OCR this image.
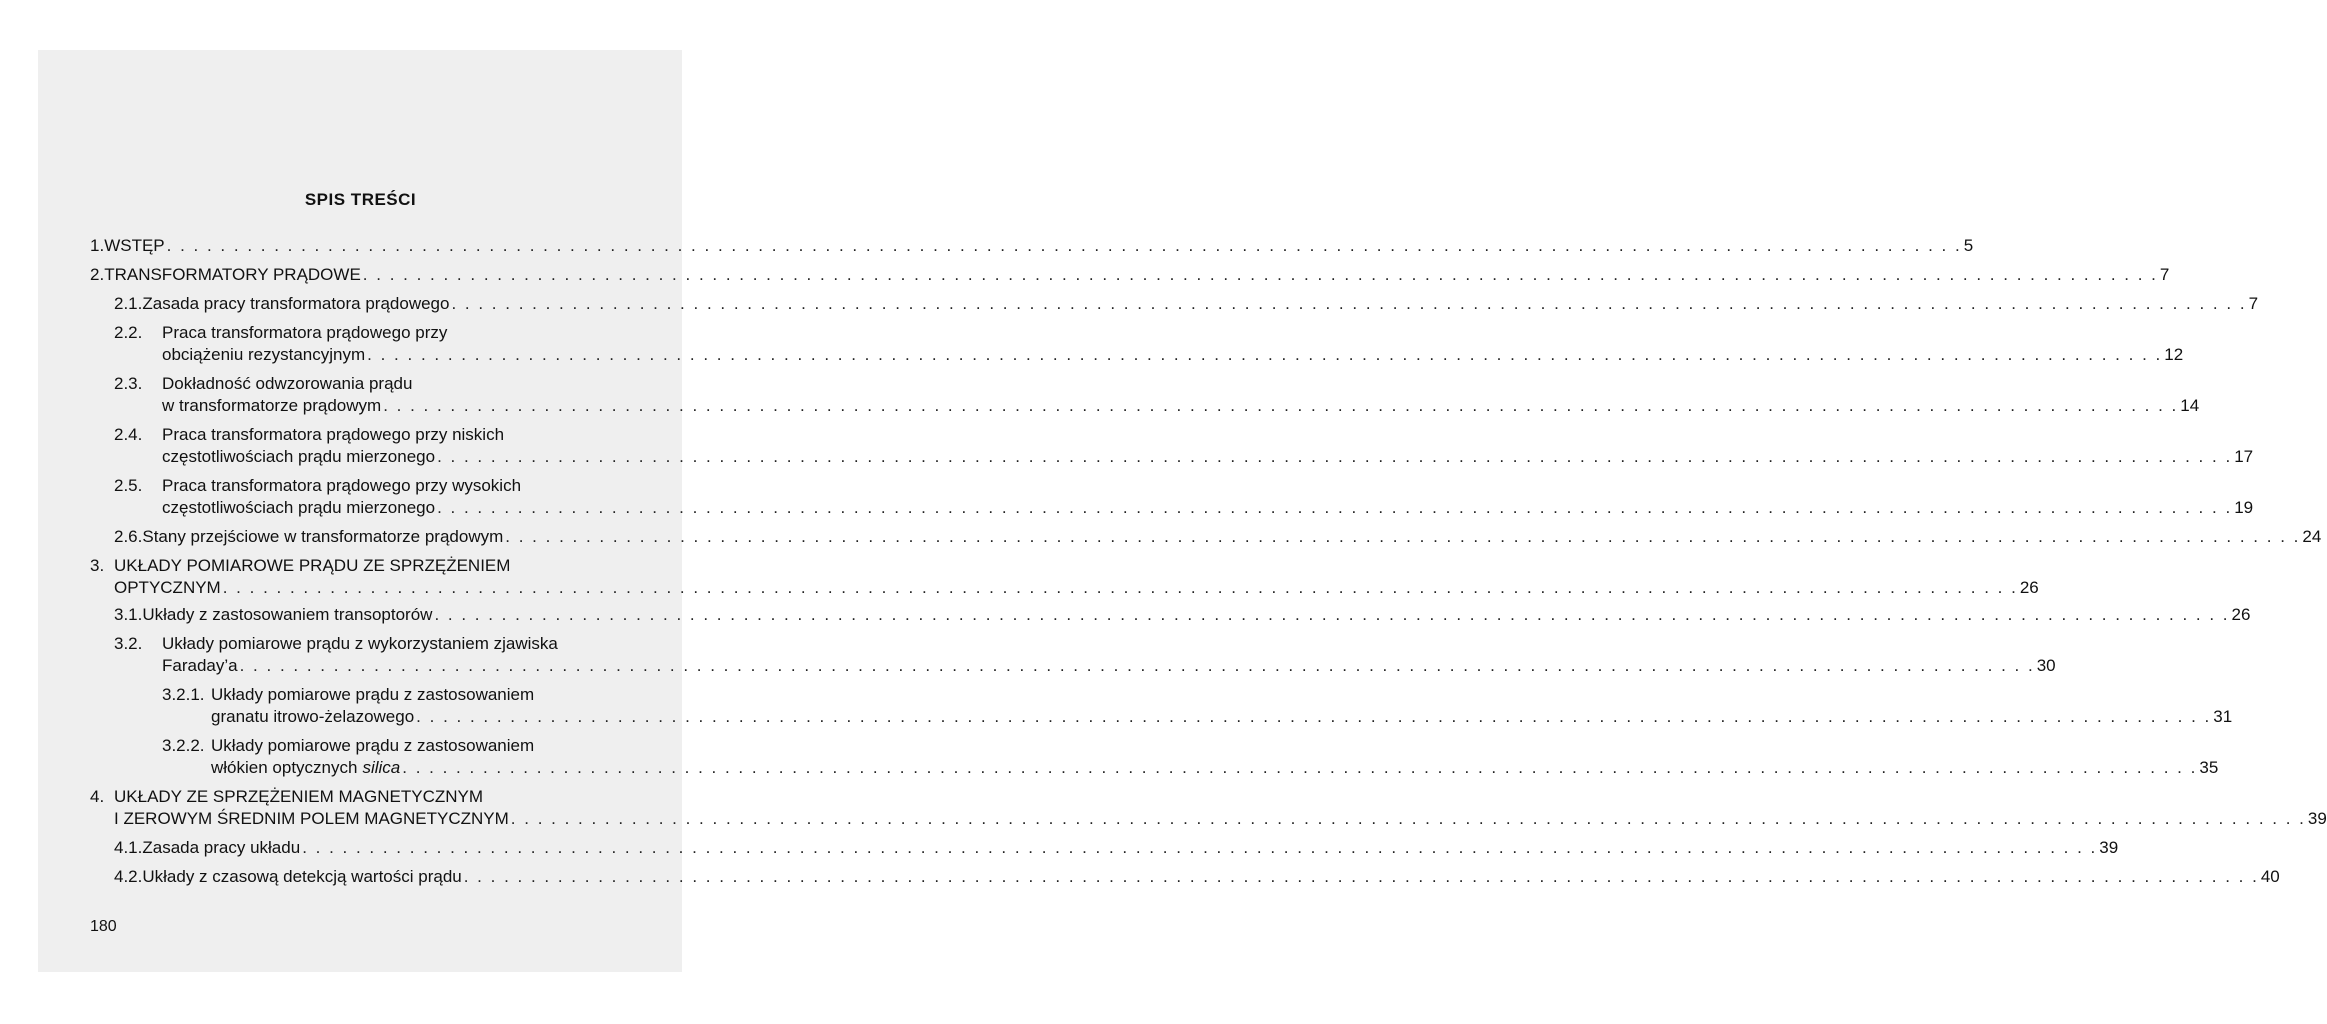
SPIS TREŚCI
1. WSTĘP . . .	5
2. TRANSFORMATORY PRĄDOWE . . .	7
2.1. Zasada pracy transformatora prądowego . . .	7
2.2. Praca transformatora prądowego przy
obciążeniu rezystancyjnym . . .	12
2.3. Dokładność odwzorowania prądu
w transformatorze prądowym . . .	14
2.4. Praca transformatora prądowego przy niskich
częstotliwościach prądu mierzonego . . .	17
2.5. Praca transformatora prądowego przy wysokich
częstotliwościach prądu mierzonego . . .	19
2.6. Stany przejściowe w transformatorze prądowym . . .	24
3. UKŁADY POMIAROWE PRĄDU ZE SPRZĘŻENIEM
OPTYCZNYM . . .	26
3.1. Układy z zastosowaniem transoptorów . . .	26
3.2. Układy pomiarowe prądu z wykorzystaniem zjawiska
Faraday’a . . .	30
3.2.1. Układy pomiarowe prądu z zastosowaniem
granatu itrowo-żelazowego . . .	31
3.2.2. Układy pomiarowe prądu z zastosowaniem
włókien optycznych silica . . .	35
4. UKŁADY ZE SPRZĘŻENIEM MAGNETYCZNYM
I ZEROWYM ŚREDNIM POLEM MAGNETYCZNYM . . .	39
4.1. Zasada pracy układu . . .	39
4.2. Układy z czasową detekcją wartości prądu . . .	40
180
